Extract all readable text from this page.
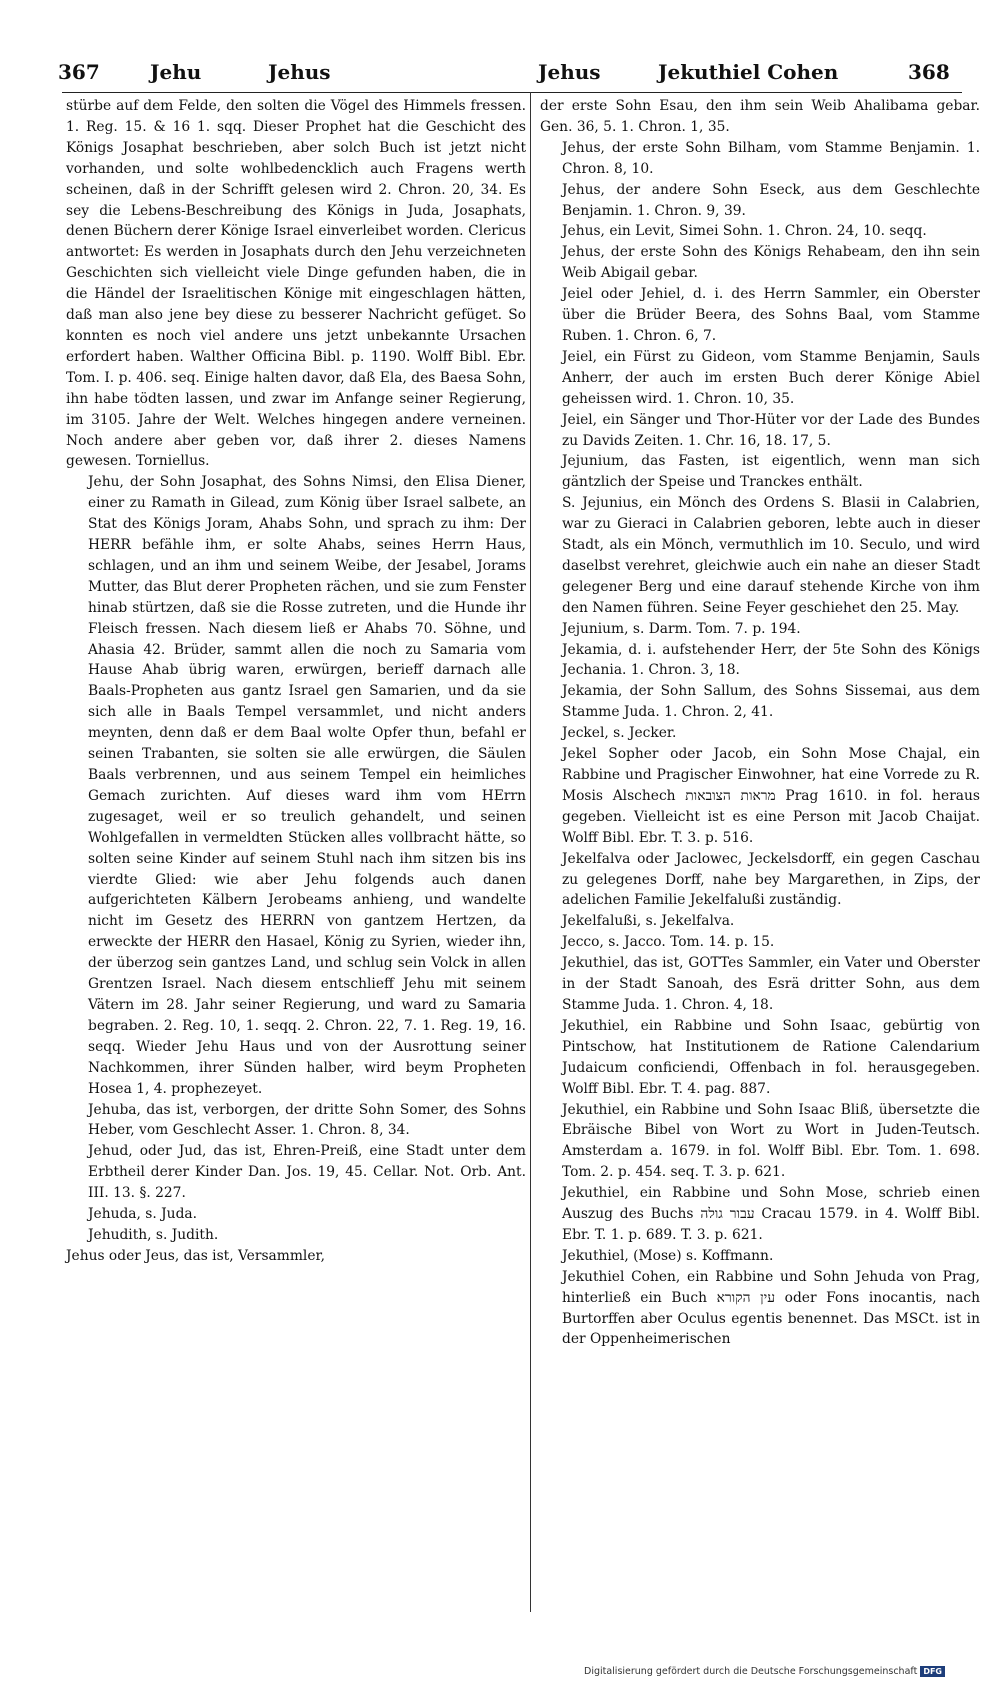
367	Jehu	Jehus	Jehus	Jekuthiel Cohen	368

stürbe auf dem Felde, den solten die Vögel des Himmels fressen. 1. Reg. 15. & 16 1. sqq. Dieser Prophet hat die Geschicht des Königs Josaphat beschrieben, aber solch Buch ist jetzt nicht vorhanden, und solte wohlbedencklich auch Fragens werth scheinen, daß in der Schrifft gelesen wird 2. Chron. 20, 34. Es sey die Lebens-Beschreibung des Königs in Juda, Josaphats, denen Büchern derer Könige Israel einverleibet worden. Clericus antwortet: Es werden in Josaphats durch den Jehu verzeichneten Geschichten sich vielleicht viele Dinge gefunden haben, die in die Händel der Israelitischen Könige mit eingeschlagen hätten, daß man also jene bey diese zu besserer Nachricht gefüget. So konnten es noch viel andere uns jetzt unbekannte Ursachen erfordert haben. Walther Officina Bibl. p. 1190. Wolff Bibl. Ebr. Tom. I. p. 406. seq. Einige halten davor, daß Ela, des Baesa Sohn, ihn habe tödten lassen, und zwar im Anfange seiner Regierung, im 3105. Jahre der Welt. Welches hingegen andere verneinen. Noch andere aber geben vor, daß ihrer 2. dieses Namens gewesen. Torniellus.

Jehu, der Sohn Josaphat, des Sohns Nimsi, den Elisa Diener, einer zu Ramath in Gilead, zum König über Israel salbete, an Stat des Königs Joram, Ahabs Sohn, und sprach zu ihm: Der HERR befähle ihm, er solte Ahabs, seines Herrn Haus, schlagen, und an ihm und seinem Weibe, der Jesabel, Jorams Mutter, das Blut derer Propheten rächen, und sie zum Fenster hinab stürtzen, daß sie die Rosse zutreten, und die Hunde ihr Fleisch fressen. Nach diesem ließ er Ahabs 70. Söhne, und Ahasia 42. Brüder, sammt allen die noch zu Samaria vom Hause Ahab übrig waren, erwürgen, berieff darnach alle Baals-Propheten aus gantz Israel gen Samarien, und da sie sich alle in Baals Tempel versammlet, und nicht anders meynten, denn daß er dem Baal wolte Opfer thun, befahl er seinen Trabanten, sie solten sie alle erwürgen, die Säulen Baals verbrennen, und aus seinem Tempel ein heimliches Gemach zurichten. Auf dieses ward ihm vom HErrn zugesaget, weil er so treulich gehandelt, und seinen Wohlgefallen in vermeldten Stücken alles vollbracht hätte, so solten seine Kinder auf seinem Stuhl nach ihm sitzen bis ins vierdte Glied: wie aber Jehu folgends auch danen aufgerichteten Kälbern Jerobeams anhieng, und wandelte nicht im Gesetz des HERRN von gantzem Hertzen, da erweckte der HERR den Hasael, König zu Syrien, wieder ihn, der überzog sein gantzes Land, und schlug sein Volck in allen Grentzen Israel. Nach diesem entschlieff Jehu mit seinem Vätern im 28. Jahr seiner Regierung, und ward zu Samaria begraben. 2. Reg. 10, 1. seqq. 2. Chron. 22, 7. 1. Reg. 19, 16. seqq. Wieder Jehu Haus und von der Ausrottung seiner Nachkommen, ihrer Sünden halber, wird beym Propheten Hosea 1, 4. prophezeyet.

Jehuba, das ist, verborgen, der dritte Sohn Somer, des Sohns Heber, vom Geschlecht Asser. 1. Chron. 8, 34.

Jehud, oder Jud, das ist, Ehren-Preiß, eine Stadt unter dem Erbtheil derer Kinder Dan. Jos. 19, 45. Cellar. Not. Orb. Ant. III. 13. §. 227.

Jehuda, s. Juda.

Jehudith, s. Judith.

Jehus oder Jeus, das ist, Versammler,

der erste Sohn Esau, den ihm sein Weib Ahalibama gebar. Gen. 36, 5. 1. Chron. 1, 35.

Jehus, der erste Sohn Bilham, vom Stamme Benjamin. 1. Chron. 8, 10.

Jehus, der andere Sohn Eseck, aus dem Geschlechte Benjamin. 1. Chron. 9, 39.

Jehus, ein Levit, Simei Sohn. 1. Chron. 24, 10. seqq.

Jehus, der erste Sohn des Königs Rehabeam, den ihn sein Weib Abigail gebar.

Jeiel oder Jehiel, d. i. des Herrn Sammler, ein Oberster über die Brüder Beera, des Sohns Baal, vom Stamme Ruben. 1. Chron. 6, 7.

Jeiel, ein Fürst zu Gideon, vom Stamme Benjamin, Sauls Anherr, der auch im ersten Buch derer Könige Abiel geheissen wird. 1. Chron. 10, 35.

Jeiel, ein Sänger und Thor-Hüter vor der Lade des Bundes zu Davids Zeiten. 1. Chr. 16, 18. 17, 5.

Jejunium, das Fasten, ist eigentlich, wenn man sich gäntzlich der Speise und Tranckes enthält.

S. Jejunius, ein Mönch des Ordens S. Blasii in Calabrien, war zu Gieraci in Calabrien geboren, lebte auch in dieser Stadt, als ein Mönch, vermuthlich im 10. Seculo, und wird daselbst verehret, gleichwie auch ein nahe an dieser Stadt gelegener Berg und eine darauf stehende Kirche von ihm den Namen führen. Seine Feyer geschiehet den 25. May.

Jejunium, s. Darm. Tom. 7. p. 194.

Jekamia, d. i. aufstehender Herr, der 5te Sohn des Königs Jechania. 1. Chron. 3, 18.

Jekamia, der Sohn Sallum, des Sohns Sissemai, aus dem Stamme Juda. 1. Chron. 2, 41.

Jeckel, s. Jecker.

Jekel Sopher oder Jacob, ein Sohn Mose Chajal, ein Rabbine und Pragischer Einwohner, hat eine Vorrede zu R. Mosis Alschech מראות הצובאות Prag 1610. in fol. heraus gegeben. Vielleicht ist es eine Person mit Jacob Chaijat. Wolff Bibl. Ebr. T. 3. p. 516.

Jekelfalva oder Jaclowec, Jeckelsdorff, ein gegen Caschau zu gelegenes Dorff, nahe bey Margarethen, in Zips, der adelichen Familie Jekelfalußi zuständig.

Jekelfalußi, s. Jekelfalva.

Jecco, s. Jacco. Tom. 14. p. 15.

Jekuthiel, das ist, GOTTes Sammler, ein Vater und Oberster in der Stadt Sanoah, des Esrä dritter Sohn, aus dem Stamme Juda. 1. Chron. 4, 18.

Jekuthiel, ein Rabbine und Sohn Isaac, gebürtig von Pintschow, hat Institutionem de Ratione Calendarium Judaicum conficiendi, Offenbach in fol. herausgegeben. Wolff Bibl. Ebr. T. 4. pag. 887.

Jekuthiel, ein Rabbine und Sohn Isaac Bliß, übersetzte die Ebräische Bibel von Wort zu Wort in Juden-Teutsch. Amsterdam a. 1679. in fol. Wolff Bibl. Ebr. Tom. 1. 698. Tom. 2. p. 454. seq. T. 3. p. 621.

Jekuthiel, ein Rabbine und Sohn Mose, schrieb einen Auszug des Buchs עבור גולה Cracau 1579. in 4. Wolff Bibl. Ebr. T. 1. p. 689. T. 3. p. 621.

Jekuthiel, (Mose) s. Koffmann.

Jekuthiel Cohen, ein Rabbine und Sohn Jehuda von Prag, hinterließ ein Buch עין הקורא oder Fons inocantis, nach Burtorffen aber Oculus egentis benennet. Das MSCt. ist in der Oppenheimerischen

Digitalisierung gefördert durch die Deutsche Forschungsgemeinschaft DFG
